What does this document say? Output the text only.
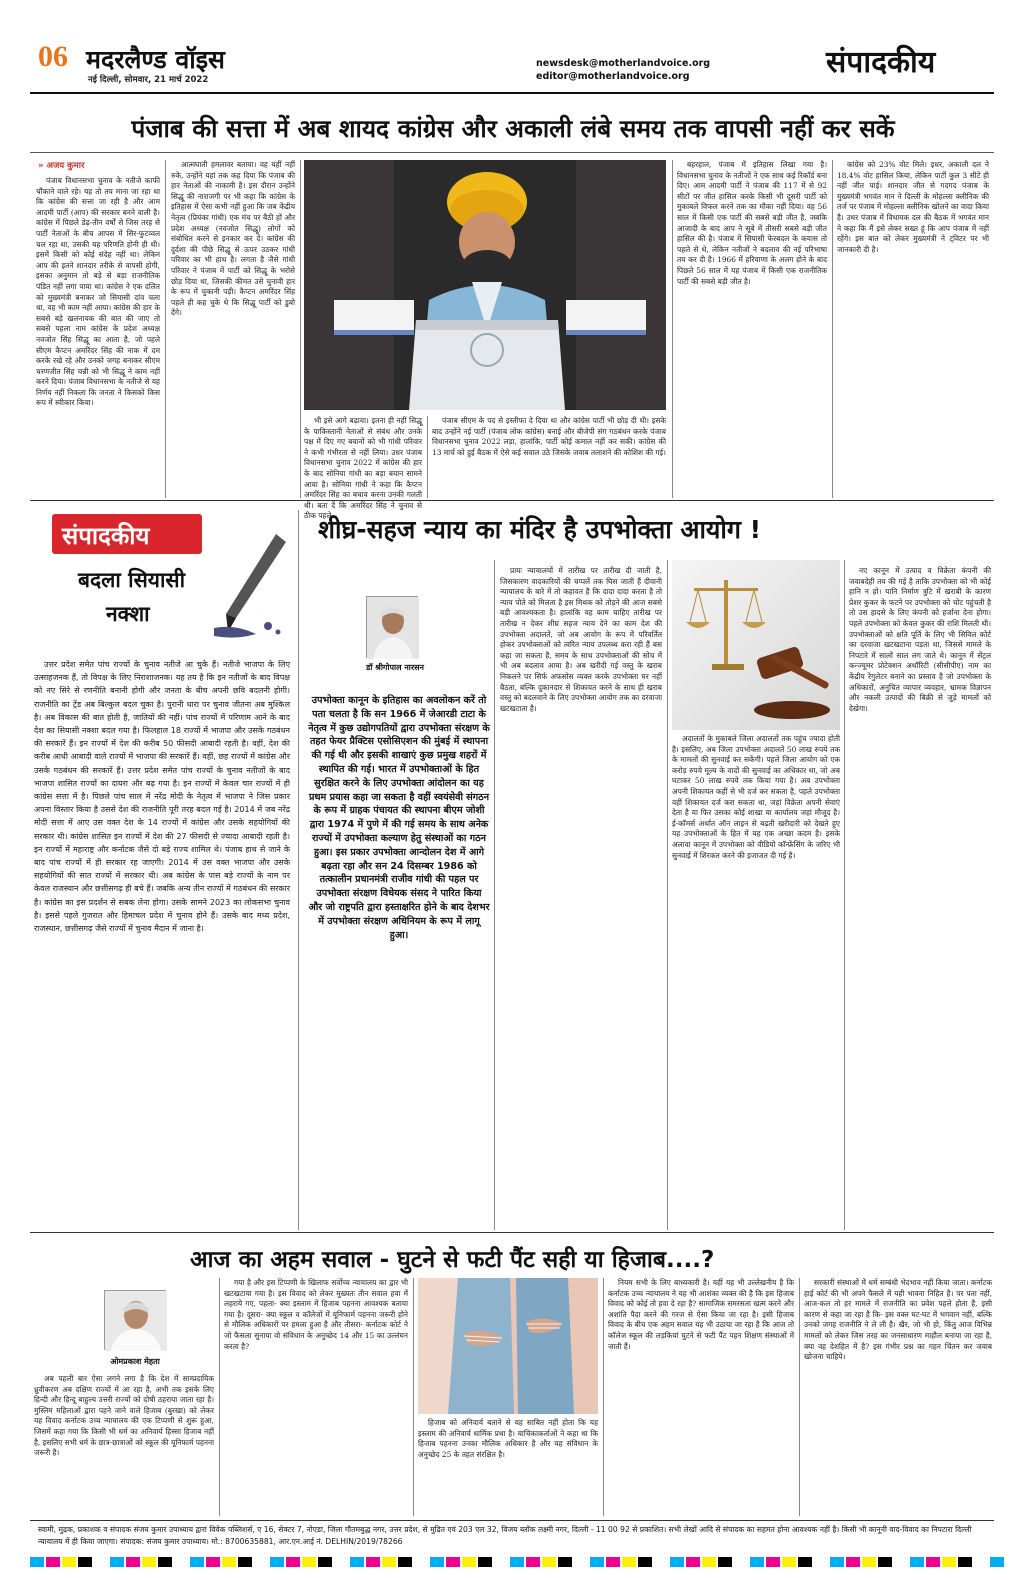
06 मदरलैण्ड वॉइस
नई दिल्ली, सोमवार, 21 मार्च 2022
newsdesk@motherlandvoice.org
editor@motherlandvoice.org	संपादकीय
पंजाब की सत्ता में अब शायद कांग्रेस और अकाली लंबे समय तक वापसी नहीं कर सकें
» अजय कुमार

पंजाब विधानसभा चुनाव के नतीजे काफी चौंकाने वाले रहे। यह तो तय माना जा रहा था कि कांग्रेस की सत्ता जा रही है और आम आदमी पार्टी (आप) की सरकार बनने वाली है। कांग्रेस में पिछले डेढ़-तीन वर्षों से जिस तरह से पार्टी नेताओं के बीच आपस में सिर-फुटव्वल चल रहा था, उसकी यह परिणति होनी ही थी। इसमें किसी को कोई संदेह नहीं था। लेकिन आप की इतने शानदार तरीके से वापसी होगी, इसका अनुमान तो बड़े से बड़ा राजनीतिक पंडित नहीं लगा पाया था। कांग्रेस ने एक दलित को मुख्यमंत्री बनाकर जो सियासी दांव चला था, वह भी काम नहीं आया। कांग्रेस की हार के सबसे बड़े खलनायक की बात की जाए तो सबसे पहला नाम कांग्रेस के प्रदेश अध्यक्ष नवजोत सिंह सिद्धू का आता है, जो पहले सीएम कैप्टन अमरिंदर सिंह की नाक में दम करके रखे रहे और उनको जगह बनाकर सीएम चरणजीत सिंह चन्नी को भी सिद्धू ने काम नहीं करने दिया। पंजाब विधानसभा के नतीजे से यह निर्णय नहीं निकला कि जनता ने किसको किस रूप में स्वीकार किया।

आत्मघाती हमलावर बताया। वह यहीं नहीं रुके, उन्होंने यहां तक कह दिया कि पंजाब की हार नेताओं की नाकामी है। इस दौरान उन्होंने सिद्धू की नाराजगी पर भी कहा कि कांग्रेस के इतिहास में ऐसा कभी नहीं हुआ कि जब केंद्रीय नेतृत्व (प्रियंका गांधी) एक मंच पर बैठी हों और प्रदेश अध्यक्ष (नवजोत सिद्धू) लोगों को संबोधित करने से इनकार कर दें। कांग्रेस की दुर्दशा की पीछे सिद्धू से ऊपर उठकर गांधी परिवार का भी हाथ है। लगता है जैसे गांधी परिवार ने पंजाब में पार्टी को सिद्धू के भरोसे छोड़ दिया था, जिसकी कीमत उसे चुनावी हार के रूप में चुकानी पड़ी। कैप्टन अमरिंदर सिंह पहले ही कह चुके थे कि सिद्धू पार्टी को डुबो देंगे।

भी इसे आगे बढ़ाया। इतना ही नहीं सिद्धू के पाकिस्तानी नेताओं से संबंध और उनके पक्ष में दिए गए बयानों को भी गांधी परिवार ने कभी गंभीरता से नहीं लिया। उधर पंजाब विधानसभा चुनाव 2022 में कांग्रेस की हार के बाद सोनिया गांधी का बड़ा बयान सामने आया है। सोनिया गांधी ने कहा कि कैप्टन अमरिंदर सिंह का बचाव करना उनकी गलती थी। बता दें कि अमरिंदर सिंह ने चुनाव से ठीक पहले

पंजाब सीएम के पद से इस्तीफा दे दिया था और कांग्रेस पार्टी भी छोड़ दी थी। इसके बाद उन्होंने नई पार्टी (पंजाब लोक कांग्रेस) बनाई और बीजेपी संग गठबंधन करके पंजाब विधानसभा चुनाव 2022 लड़ा, हालांकि, पार्टी कोई कमाल नहीं कर सकी। कांग्रेस की 13 मार्च को हुई बैठक में ऐसे कई सवाल उठे जिसके जवाब तलाशने की कोशिश की गई।

बहरहाल, पंजाब में इतिहास लिखा गया है। विधानसभा चुनाव के नतीजों ने एक साथ कई रिकॉर्ड बना दिए। आम आदमी पार्टी ने पंजाब की 117 में से 92 सीटों पर जीत हासिल करके किसी भी दूसरी पार्टी को मुकाबले विफल करने तक का मौका नहीं दिया। वह 56 साल में किसी एक पार्टी की सबसे बड़ी जीत है, जबकि आजादी के बाद आप ने सूबे में तीसरी सबसे बड़ी जीत हासिल की है। पंजाब में सियासी फेरबदल के कयास तो पहले से थे, लेकिन नतीजों ने बदलाव की नई परिभाषा तय कर दी है। 1966 में हरियाणा के अलग होने के बाद पिछले 56 साल में यह पंजाब में किसी एक राजनीतिक पार्टी की सबसे बड़ी जीत है।

कांग्रेस को 23% वोट मिले। इधर, अकाली दल ने 18.4% वोट हासिल किया, लेकिन पार्टी कुल 3 सीटें ही नहीं जीत पाई। शानदार जीत से गदगद पंजाब के मुख्यमंत्री भगवंत मान ने दिल्ली के मोहल्ला क्लीनिक की तर्ज पर पंजाब में मोहल्ला क्लीनिक खोलने का वादा किया है। उधर पंजाब में विधायक दल की बैठक में भगवंत मान ने कहा कि मैं इसे लेकर सख्त हूं कि आप पंजाब में नहीं रहेंगे। इस बात को लेकर मुख्यमंत्री ने ट्विटर पर भी जानकारी दी है।

संपादकीय
बदला सियासी
नक्शा

उत्तर प्रदेश समेत पांच राज्यों के चुनाव नतीजे आ चुके हैं। नतीजे भाजपा के लिए उत्साहजनक हैं, तो विपक्ष के लिए निराशाजनक। यह तय है कि इन नतीजों के बाद विपक्ष को नए सिरे से रणनीति बनानी होगी और जनता के बीच अपनी छवि बदलनी होगी। राजनीति का ट्रेंड अब बिल्कुल बदल चुका है। पुरानी धारा पर चुनाव जीतना अब मुश्किल है। अब विकास की बात होती है, जातियों की नहीं। पांच राज्यों में परिणाम आने के बाद देश का सियासी नक्शा बदल गया है। फिलहाल 18 राज्यों में भाजपा और उसके गठबंधन की सरकारें हैं। इन राज्यों में देश की करीब 50 फीसदी आबादी रहती है। वहीं, देश की करीब आधी आबादी वाले राज्यों में भाजपा की सरकारें हैं। वहीं, छह राज्यों में कांग्रेस और उसके गठबंधन की सरकारें हैं। उत्तर प्रदेश समेत पांच राज्यों के चुनाव नतीजों के बाद भाजपा शासित राज्यों का दायरा और बढ़ गया है। इन राज्यों में केवल चार राज्यों में ही कांग्रेस सत्ता में है। पिछले पांच साल में नरेंद्र मोदी के नेतृत्व में भाजपा ने जिस प्रकार अपना विस्तार किया है उससे देश की राजनीति पूरी तरह बदल गई है। 2014 में जब नरेंद्र मोदी सत्ता में आए उस वक्त देश के 14 राज्यों में कांग्रेस और उसके सहयोगियों की सरकार थी। कांग्रेस शासित इन राज्यों में देश की 27 फीसदी से ज्यादा आबादी रहती है। इन राज्यों में महाराष्ट्र और कर्नाटक जैसे दो बड़े राज्य शामिल थे। पंजाब हाथ से जाने के बाद पांच राज्यों में ही सरकार रह जाएगी। 2014 में उस वक्त भाजपा और उसके सहयोगियों की सात राज्यों में सरकार थी। अब कांग्रेस के पास बड़े राज्यों के नाम पर केवल राजस्थान और छत्तीसगढ़ ही बचे हैं। जबकि अन्य तीन राज्यों में गठबंधन की सरकार है। कांग्रेस का इस प्रदर्शन से सबक लेना होगा। उसके सामने 2023 का लोकसभा चुनाव है। इससे पहले गुजरात और हिमाचल प्रदेश में चुनाव होने हैं। उसके बाद मध्य प्रदेश, राजस्थान, छत्तीसगढ़ जैसे राज्यों में चुनाव मैदान में जाना है।

शीघ्र-सहज न्याय का मंदिर है उपभोक्ता आयोग !
डॉ श्रीगोपाल नारसन
उपभोक्ता कानून के इतिहास का अवलोकन करें तो पता चलता है कि सन 1966 में जेआरडी टाटा के नेतृत्व में कुछ उद्योगपतियों द्वारा उपभोक्ता संरक्षण के तहत फेयर प्रैक्टिस एसोसिएशन की मुंबई में स्थापना की गई थी और इसकी शाखाएं कुछ प्रमुख शहरों में स्थापित की गई। भारत में उपभोक्ताओं के हित सुरक्षित करने के लिए उपभोक्ता आंदोलन का यह प्रथम प्रयास कहा जा सकता है वहीं स्वयंसेवी संगठन के रूप में ग्राहक पंचायत की स्थापना बीएम जोशी द्वारा 1974 में पुणे में की गई समय के साथ अनेक राज्यों में उपभोक्ता कल्याण हेतु संस्थाओं का गठन हुआ। इस प्रकार उपभोक्ता आन्दोलन देश में आगे बढ़ता रहा और सन 24 दिसम्बर 1986 को तत्कालीन प्रधानमंत्री राजीव गांधी की पहल पर उपभोक्ता संरक्षण विधेयक संसद ने पारित किया और जो राष्ट्रपति द्वारा हस्ताक्षरित होने के बाद देशभर में उपभोक्ता संरक्षण अधिनियम के रूप में लागू हुआ।

प्रायः न्यायालयों में तारीख पर तारीख दी जाती है, जिसकारण वादकारियों की चप्पलें तक घिस जाती हैं दीवानी न्यायालय के बारे में तो कहावत है कि दादा दादा करता है तो न्याय पोते को मिलता है इस मिथक को तोड़ने की आज सबसे बड़ी आवश्यकता है। हालांकि यह काम चाहिए तारीख पर तारीख न देकर शीघ्र सहज न्याय देने का काम देश की उपभोक्ता अदालतें, जो अब आयोग के रूप में परिवर्तित होकर उपभोक्ताओं को त्वरित न्याय उपलब्ध करा रही हैं बस कहा जा सकता है, समय के साथ उपभोक्ताओं की सोच में भी अब बदलाव आया है। अब खरीदी गई वस्तु के खराब निकलने पर सिर्फ अफसोस व्यक्त करके उपभोक्ता घर नहीं बैठता, बल्कि दुकानदार से शिकायत करने के साथ ही खराब वस्तु को बदलवाने के लिए उपभोक्ता आयोग तक का दरवाजा खटखटाता है।

अदालतों के मुकाबले जिला अदालतों तक पहुंच ज्यादा होती है। इसलिए, अब जिला उपभोक्ता अदालतें 50 लाख रुपये तक के मामलों की सुनवाई कर सकेंगी। पहले जिला आयोग को एक करोड़ रुपये मूल्य के वादों की सुनवाई का अधिकार था, जो अब घटाकर 50 लाख रुपये तक किया गया है। अब उपभोक्ता अपनी शिकायत कहीं से भी दर्ज कर सकता है, पहले उपभोक्ता वहीं शिकायत दर्ज करा सकता था, जहां विक्रेता अपनी सेवाएं देता है या फिर उसका कोई शाखा या कार्यालय जहां मौजूद है। ई-कॉमर्स अर्थात ऑन लाइन से बढ़ती खरीदारी को देखते हुए यह उपभोक्ताओं के हित में यह एक अच्छा कदम है। इसके अलावा कानून में उपभोक्ता को वीडियो कॉन्फ्रेंसिंग के जरिए भी सुनवाई में शिरकत करने की इजाजत दी गई है।

नए कानून में उत्पाद व विक्रेता कंपनी की जवाबदेही तय की गई है ताकि उपभोक्ता को भी कोई हानि न हो। यानि निर्माण त्रुटि में खराबी के कारण प्रेशर कुकर के फटने पर उपभोक्ता को चोट पहुंचती है तो उस हादसे के लिए कंपनी को हर्जाना देना होगा। पहले उपभोक्ता को केवल कुकर की राशि मिलती थी। उपभोक्ताओं को क्षति पूर्ति के लिए भी सिविल कोर्ट का दरवाजा खटखटाना पड़ता था, जिससे मामले के निपटारे में सालों साल लग जाते थे। कानून में सेंट्रल कन्ज्यूमर प्रोटेक्शन अथॉरिटी (सीसीपीए) नाम का केंद्रीय रेगुलेटर बनाने का प्रस्ताव है जो उपभोक्ता के अधिकारों, अनुचित व्यापार व्यवहार, भ्रामक विज्ञापन और नकली उत्पादों की बिक्री से जुड़े मामलों को देखेगा।

आज का अहम सवाल - घुटने से फटी पैंट सही या हिजाब....?
ओमप्रकाश मेहता

अब पहली बार ऐसा लगने लगा है कि देश में साम्प्रदायिक ध्रुवीकरण अब दक्षिण राज्यों में आ रहा है, अभी तक इसके लिए हिन्दी और हिन्दू बाहुल्य उत्तरी राज्यों को दोषी ठहराया जाता रहा है। मुस्लिम महिलाओं द्वारा पहने जाने वाले हिजाब (बुरखा) को लेकर यह विवाद कर्नाटक उच्च न्यायालय की एक टिप्पणी से शुरू हुआ, जिसमें कहा गया कि किसी भी धर्म का अनिवार्य हिस्सा हिजाब नहीं है, इसलिए सभी धर्म के छात्र-छात्राओं को स्कूल की यूनिफार्म पहनना जरूरी है।

गया है और इस टिप्पणी के खिलाफ सर्वोच्च न्यायालय का द्वार भी खटखटाया गया है। इस विवाद को लेकर मुख्यतः तीन सवाल हवा में लहराये गए, पहला- क्या इस्लाम में हिजाब पहनना आवश्यक बताया गया है। दूसरा- क्या स्कूल व कॉलेजों में यूनिफार्म पहनना जरूरी होने से मौलिक अधिकारों पर हमला हुआ है और तीसरा- कर्नाटक कोर्ट ने जो फैसला सुनाया वो संविधान के अनुच्छेद 14 और 15 का उल्लंघन करता है?

हिजाब को अनिवार्य बताने से यह साबित नहीं होता कि यह इस्लाम की अनिवार्य धार्मिक प्रथा है। याचिकाकर्ताओं ने कहा था कि हिजाब पहनना उनका मौलिक अधिकार है और यह संविधान के अनुच्छेद 25 के तहत संरक्षित है।

नियम सभी के लिए बाध्यकारी है। यहीं यह भी उल्लेखनीय है कि कर्नाटक उच्च न्यायालय ने यह भी आशंका व्यक्त की है कि इस हिजाब विवाद को कोई तो हवा दे रहा है? सामाजिक समरसता खत्म करने और अशांति पैदा करने की गरज से ऐसा किया जा रहा है। इसी हिजाब विवाद के बीच एक अहम सवाल यह भी उठाया जा रहा है कि आज तो कॉलेज स्कूल की लड़कियां घुटने से फटी पैंट पहन शिक्षण संस्थाओं में जाती हैं।

सरकारी संस्थाओं में धर्म सम्बंधी भेदभाव नहीं किया जाता। कर्नाटक हाई कोर्ट की भी अपने फैसले में यही भावना निहित है। पर पता नहीं, आज-कल तो हर मामले में राजनीति का प्रवेश पहले होता है, इसी कारण से कहा जा रहा है कि- इस वक्त घट-घट में भगवान नहीं, बल्कि उनको जगह राजनीति ने ले ली है। खैर, जो भी हो, किंतु आज विभिन्न मामलों को लेकर जिस तरह का जनसाधारण माहौल बनाया जा रहा है, क्या वह देशहित में है? इस गंभीर प्रश्न का गहन चिंतन कर जवाब खोजना चाहिये।

स्वामी, मुद्रक, प्रकाशक व संपादक संजय कुमार उपाध्याय द्वारा विवेक पब्लिशर्स, ए 16, सेक्टर 7, नोएडा, जिला गौतमबुद्ध नगर, उत्तर प्रदेश, से मुद्रित एवं 203 एल 32, विजय ब्लॉक लक्ष्मी नगर, दिल्ली - 11 00 92 से प्रकाशित। सभी लेखों आदि से संपादक का सहमत होना आवश्यक नहीं है। किसी भी कानूनी वाद-विवाद का निपटारा दिल्ली न्यायालय में ही किया जाएगा। संपादक: संजय कुमार उपाध्याय। मो.: 8700635881, आर.एन.आई नं. DELHIN/2019/78266
